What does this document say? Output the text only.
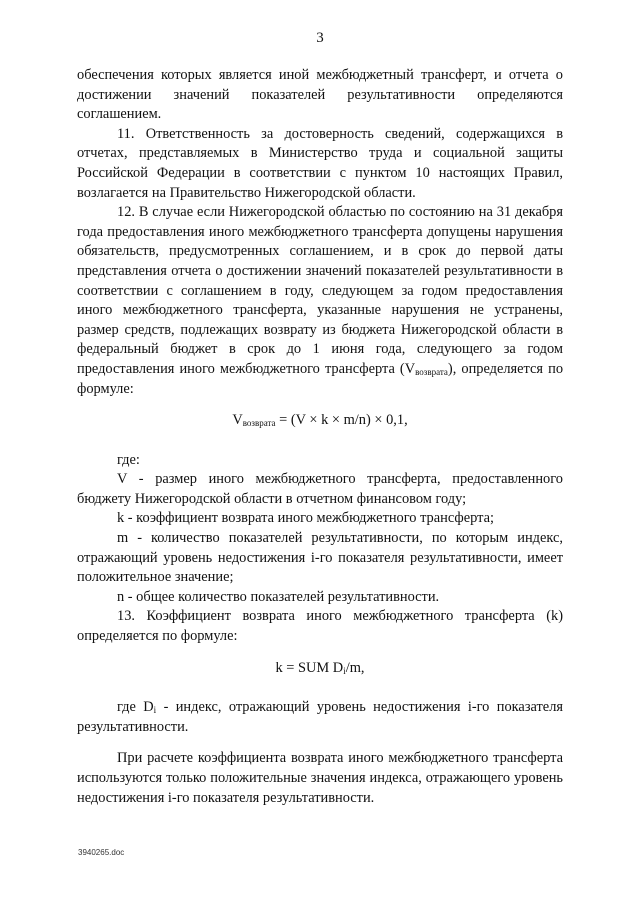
3

обеспечения которых является иной межбюджетный трансферт, и отчета о достижении значений показателей результативности определяются соглашением.

11. Ответственность за достоверность сведений, содержащихся в отчетах, представляемых в Министерство труда и социальной защиты Российской Федерации в соответствии с пунктом 10 настоящих Правил, возлагается на Правительство Нижегородской области.

12. В случае если Нижегородской областью по состоянию на 31 декабря года предоставления иного межбюджетного трансферта допущены нарушения обязательств, предусмотренных соглашением, и в срок до первой даты представления отчета о достижении значений показателей результативности в соответствии с соглашением в году, следующем за годом предоставления иного межбюджетного трансферта, указанные нарушения не устранены, размер средств, подлежащих возврату из бюджета Нижегородской области в федеральный бюджет в срок до 1 июня года, следующего за годом предоставления иного межбюджетного трансферта $(V_{возврата})$, определяется по формуле:

$V_{возврата} = (V \times k \times m/n) \times 0,1$,

где:

V - размер иного межбюджетного трансферта, предоставленного бюджету Нижегородской области в отчетном финансовом году;

k - коэффициент возврата иного межбюджетного трансферта;

m - количество показателей результативности, по которым индекс, отражающий уровень недостижения i-го показателя результативности, имеет положительное значение;

n - общее количество показателей результативности.

13. Коэффициент возврата иного межбюджетного трансферта (k) определяется по формуле:

k = SUM $D_i/m$,

где $D_i$ - индекс, отражающий уровень недостижения i-го показателя результативности.

При расчете коэффициента возврата иного межбюджетного трансферта используются только положительные значения индекса, отражающего уровень недостижения i-го показателя результативности.

3940265.doc
